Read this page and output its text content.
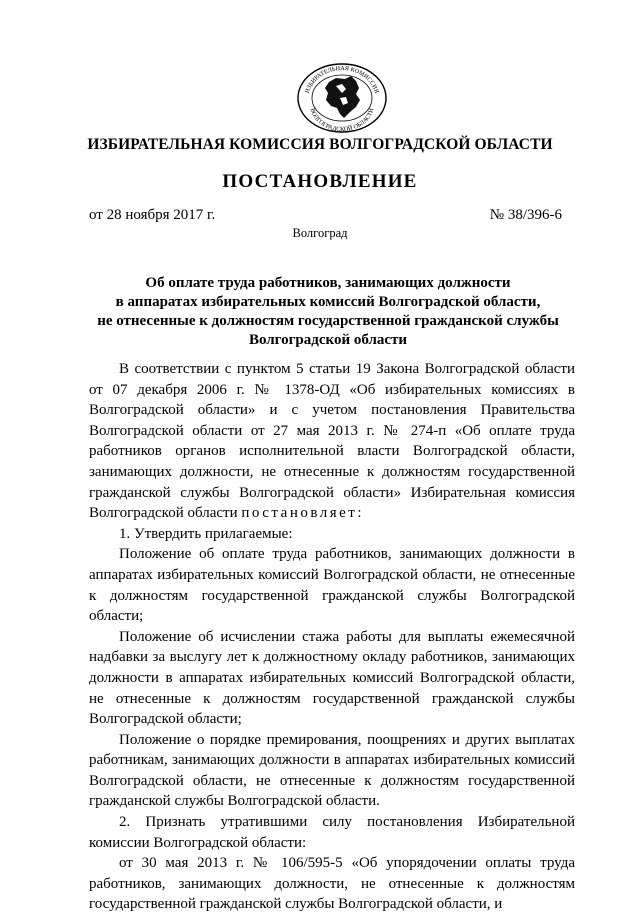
ИЗБИРАТЕЛЬНАЯ КОМИССИЯ
ВОЛГОГРАДСКОЙ ОБЛАСТИ
ИЗБИРАТЕЛЬНАЯ КОМИССИЯ ВОЛГОГРАДСКОЙ ОБЛАСТИ
ПОСТАНОВЛЕНИЕ
от 28 ноября 2017 г.	№ 38/396-6
Волгоград
Об оплате труда работников, занимающих должности
в аппаратах избирательных комиссий Волгоградской области,
не отнесенные к должностям государственной гражданской службы
Волгоградской области

В соответствии с пунктом 5 статьи 19 Закона Волгоградской области от 07 декабря 2006 г. № 1378-ОД «Об избирательных комиссиях в Волгоградской области» и с учетом постановления Правительства Волгоградской области от 27 мая 2013 г. № 274-п «Об оплате труда работников органов исполнительной власти Волгоградской области, занимающих должности, не отнесенные к должностям государственной гражданской службы Волгоградской области» Избирательная комиссия Волгоградской области постановляет:

1. Утвердить прилагаемые:

Положение об оплате труда работников, занимающих должности в аппаратах избирательных комиссий Волгоградской области, не отнесенные к должностям государственной гражданской службы Волгоградской области;

Положение об исчислении стажа работы для выплаты ежемесячной надбавки за выслугу лет к должностному окладу работников, занимающих должности в аппаратах избирательных комиссий Волгоградской области, не отнесенные к должностям государственной гражданской службы Волгоградской области;

Положение о порядке премирования, поощрениях и других выплатах работникам, занимающих должности в аппаратах избирательных комиссий Волгоградской области, не отнесенные к должностям государственной гражданской службы Волгоградской области.

2. Признать утратившими силу постановления Избирательной комиссии Волгоградской области:

от 30 мая 2013 г. № 106/595-5 «Об упорядочении оплаты труда работников, занимающих должности, не отнесенные к должностям государственной гражданской службы Волгоградской области, и
